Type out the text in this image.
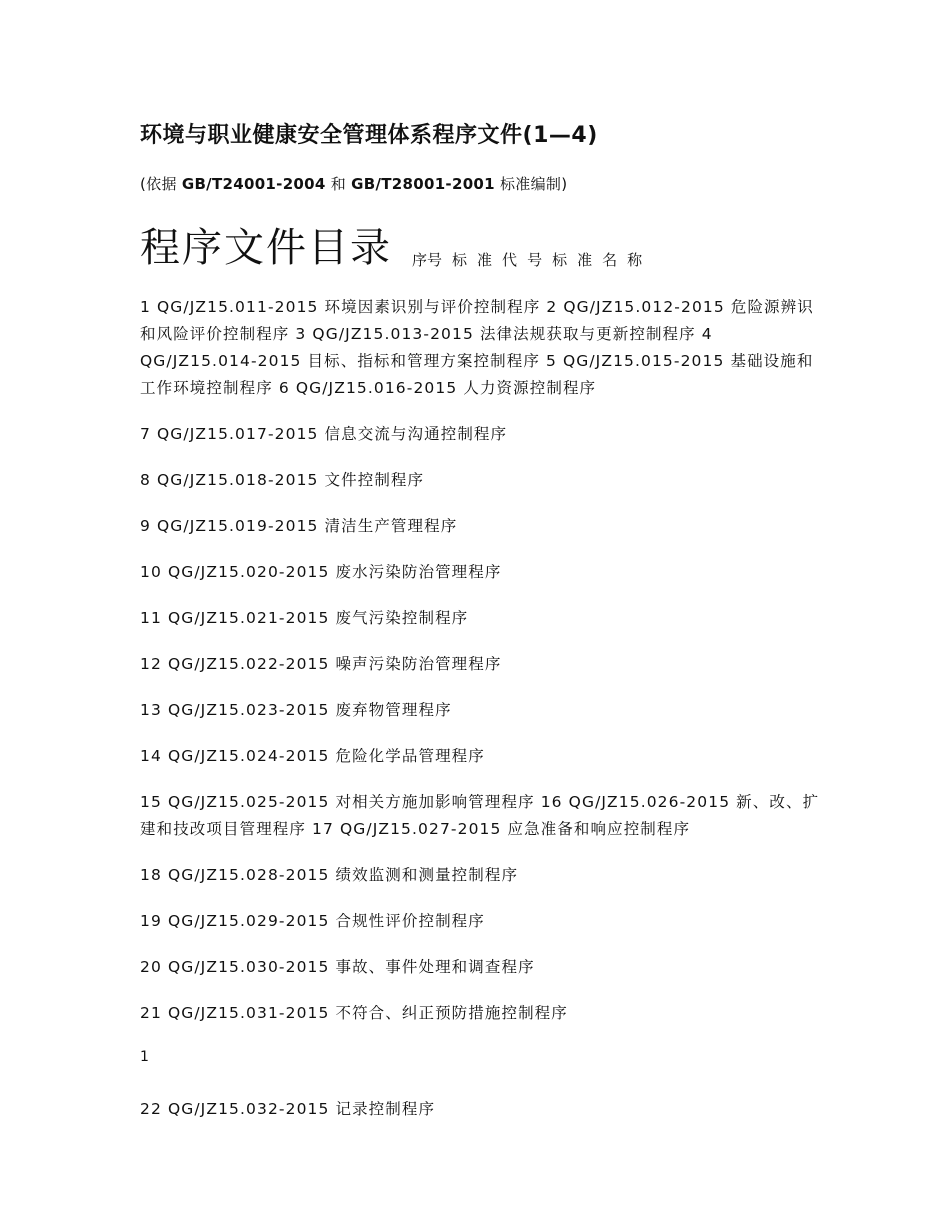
环境与职业健康安全管理体系程序文件(1—4)
(依据 GB/T24001-2004 和 GB/T28001-2001 标准编制)
程序文件目录 序号 标 准 代 号 标 准 名 称

1 QG/JZ15.011-2015 环境因素识别与评价控制程序 2 QG/JZ15.012-2015 危险源辨识和风险评价控制程序 3 QG/JZ15.013-2015 法律法规获取与更新控制程序 4 QG/JZ15.014-2015 目标、指标和管理方案控制程序 5 QG/JZ15.015-2015 基础设施和工作环境控制程序 6 QG/JZ15.016-2015 人力资源控制程序

7 QG/JZ15.017-2015 信息交流与沟通控制程序

8 QG/JZ15.018-2015 文件控制程序

9 QG/JZ15.019-2015 清洁生产管理程序

10 QG/JZ15.020-2015 废水污染防治管理程序

11 QG/JZ15.021-2015 废气污染控制程序

12 QG/JZ15.022-2015 噪声污染防治管理程序

13 QG/JZ15.023-2015 废弃物管理程序

14 QG/JZ15.024-2015 危险化学品管理程序

15 QG/JZ15.025-2015 对相关方施加影响管理程序 16 QG/JZ15.026-2015 新、改、扩建和技改项目管理程序 17 QG/JZ15.027-2015 应急准备和响应控制程序

18 QG/JZ15.028-2015 绩效监测和测量控制程序

19 QG/JZ15.029-2015 合规性评价控制程序

20 QG/JZ15.030-2015 事故、事件处理和调查程序

21 QG/JZ15.031-2015 不符合、纠正预防措施控制程序

1

22 QG/JZ15.032-2015 记录控制程序
